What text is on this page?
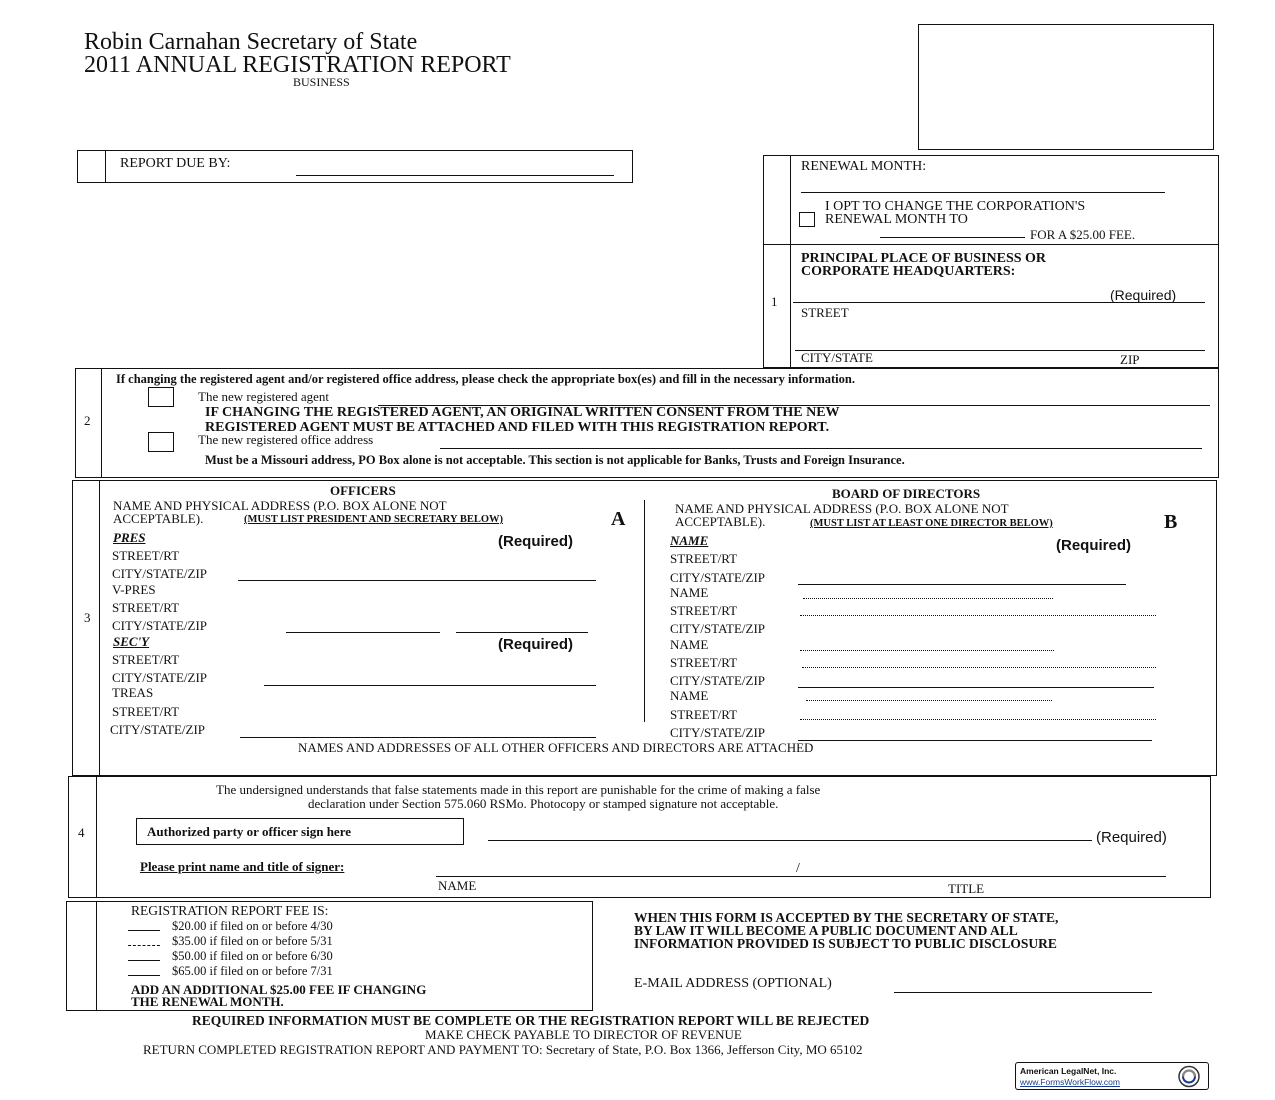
Robin Carnahan Secretary of State
2011 ANNUAL REGISTRATION REPORT
BUSINESS
REPORT DUE BY:	RENEWAL MONTH:
I OPT TO CHANGE THE CORPORATION'S
RENEWAL MONTH TO
FOR A $25.00 FEE.
1
PRINCIPAL PLACE OF BUSINESS OR
CORPORATE HEADQUARTERS:
(Required)
STREET
CITY/STATE	ZIP
2
If changing the registered agent and/or registered office address, please check the appropriate box(es) and fill in the necessary information.
The new registered agent
IF CHANGING THE REGISTERED AGENT, AN ORIGINAL WRITTEN CONSENT FROM THE NEW
REGISTERED AGENT MUST BE ATTACHED AND FILED WITH THIS REGISTRATION REPORT.
The new registered office address
Must be a Missouri address, PO Box alone is not acceptable. This section is not applicable for Banks, Trusts and Foreign Insurance.
3
OFFICERS
NAME AND PHYSICAL ADDRESS (P.O. BOX ALONE NOT
ACCEPTABLE).	(MUST LIST PRESIDENT AND SECRETARY BELOW)	A
PRES	(Required)
STREET/RT
CITY/STATE/ZIP
V-PRES
STREET/RT
CITY/STATE/ZIP
SEC'Y	(Required)
STREET/RT
CITY/STATE/ZIP
TREAS
STREET/RT
CITY/STATE/ZIP
BOARD OF DIRECTORS
NAME AND PHYSICAL ADDRESS (P.O. BOX ALONE NOT
ACCEPTABLE).	(MUST LIST AT LEAST ONE DIRECTOR BELOW)	B
NAME	(Required)
STREET/RT
CITY/STATE/ZIP
NAME
STREET/RT
CITY/STATE/ZIP
NAME
STREET/RT
CITY/STATE/ZIP
NAME
STREET/RT
CITY/STATE/ZIP
NAMES AND ADDRESSES OF ALL OTHER OFFICERS AND DIRECTORS ARE ATTACHED
4
The undersigned understands that false statements made in this report are punishable for the crime of making a false
declaration under Section 575.060 RSMo. Photocopy or stamped signature not acceptable.
Authorized party or officer sign here	(Required)
Please print name and title of signer:	/
NAME	TITLE
REGISTRATION REPORT FEE IS:
$20.00 if filed on or before 4/30
$35.00 if filed on or before 5/31
$50.00 if filed on or before 6/30
$65.00 if filed on or before 7/31
ADD AN ADDITIONAL $25.00 FEE IF CHANGING
THE RENEWAL MONTH.
WHEN THIS FORM IS ACCEPTED BY THE SECRETARY OF STATE,
BY LAW IT WILL BECOME A PUBLIC DOCUMENT AND ALL
INFORMATION PROVIDED IS SUBJECT TO PUBLIC DISCLOSURE
E-MAIL ADDRESS (OPTIONAL)
REQUIRED INFORMATION MUST BE COMPLETE OR THE REGISTRATION REPORT WILL BE REJECTED
MAKE CHECK PAYABLE TO DIRECTOR OF REVENUE
RETURN COMPLETED REGISTRATION REPORT AND PAYMENT TO: Secretary of State, P.O. Box 1366, Jefferson City, MO 65102
American LegalNet, Inc.
www.FormsWorkFlow.com
